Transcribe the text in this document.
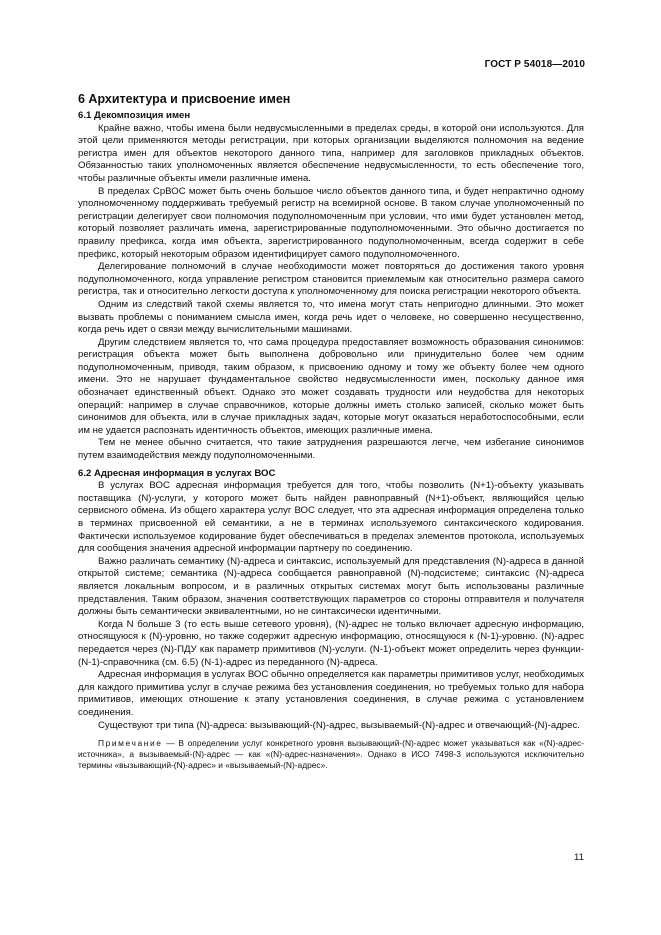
ГОСТ Р 54018—2010
6 Архитектура и присвоение имен
6.1 Декомпозиция имен

Крайне важно, чтобы имена были недвусмысленными в пределах среды, в которой они используются. Для этой цели применяются методы регистрации, при которых организации выделяются полномочия на ведение регистра имен для объектов некоторого данного типа, например для заголовков прикладных объектов. Обязанностью таких уполномоченных является обеспечение недвусмысленности, то есть обеспечение того, чтобы различные объекты имели различные имена.

В пределах СрВОС может быть очень большое число объектов данного типа, и будет непрактично одному уполномоченному поддерживать требуемый регистр на всемирной основе. В таком случае уполномоченный по регистрации делегирует свои полномочия подуполномоченным при условии, что ими будет установлен метод, который позволяет различать имена, зарегистрированные подуполномоченными. Это обычно достигается по правилу префикса, когда имя объекта, зарегистрированного подуполномоченным, всегда содержит в себе префикс, который некоторым образом идентифицирует самого подуполномоченного.

Делегирование полномочий в случае необходимости может повторяться до достижения такого уровня подуполномоченного, когда управление регистром становится приемлемым как относительно размера самого регистра, так и относительно легкости доступа к уполномоченному для поиска регистрации некоторого объекта.

Одним из следствий такой схемы является то, что имена могут стать непригодно длинными. Это может вызвать проблемы с пониманием смысла имен, когда речь идет о человеке, но совершенно несущественно, когда речь идет о связи между вычислительными машинами.

Другим следствием является то, что сама процедура предоставляет возможность образования синонимов: регистрация объекта может быть выполнена добровольно или принудительно более чем одним подуполномоченным, приводя, таким образом, к присвоению одному и тому же объекту более чем одного имени. Это не нарушает фундаментальное свойство недвусмысленности имен, поскольку данное имя обозначает единственный объект. Однако это может создавать трудности или неудобства для некоторых операций: например в случае справочников, которые должны иметь столько записей, сколько может быть синонимов для объекта, или в случае прикладных задач, которые могут оказаться неработоспособными, если им не удается распознать идентичность объектов, имеющих различные имена.

Тем не менее обычно считается, что такие затруднения разрешаются легче, чем избегание синонимов путем взаимодействия между подуполномоченными.

6.2 Адресная информация в услугах ВОС

В услугах ВОС адресная информация требуется для того, чтобы позволить (N+1)-объекту указывать поставщика (N)-услуги, у которого может быть найден равноправный (N+1)-объект, являющийся целью сервисного обмена. Из общего характера услуг ВОС следует, что эта адресная информация определена только в терминах присвоенной ей семантики, а не в терминах используемого синтаксического кодирования. Фактически используемое кодирование будет обеспечиваться в пределах элементов протокола, используемых для сообщения значения адресной информации партнеру по соединению.

Важно различать семантику (N)-адреса и синтаксис, используемый для представления (N)-адреса в данной открытой системе; семантика (N)-адреса сообщается равноправной (N)-подсистеме; синтаксис (N)-адреса является локальным вопросом, и в различных открытых системах могут быть использованы различные представления. Таким образом, значения соответствующих параметров со стороны отправителя и получателя должны быть семантически эквивалентными, но не синтаксически идентичными.

Когда N больше 3 (то есть выше сетевого уровня), (N)-адрес не только включает адресную информацию, относящуюся к (N)-уровню, но также содержит адресную информацию, относящуюся к (N-1)-уровню. (N)-адрес передается через (N)-ПДУ как параметр примитивов (N)-услуги. (N-1)-объект может определить через функции-(N-1)-справочника (см. 6.5) (N-1)-адрес из переданного (N)-адреса.

Адресная информация в услугах ВОС обычно определяется как параметры примитивов услуг, необходимых для каждого примитива услуг в случае режима без установления соединения, но требуемых только для набора примитивов, имеющих отношение к этапу установления соединения, в случае режима с установлением соединения.

Существуют три типа (N)-адреса: вызывающий-(N)-адрес, вызываемый-(N)-адрес и отвечающий-(N)-адрес.

Примечание — В определении услуг конкретного уровня вызывающий-(N)-адрес может указываться как «(N)-адрес-источника», а вызываемый-(N)-адрес — как «(N)-адрес-назначения». Однако в ИСО 7498-3 используются исключительно термины «вызывающий-(N)-адрес» и «вызываемый-(N)-адрес».

11
